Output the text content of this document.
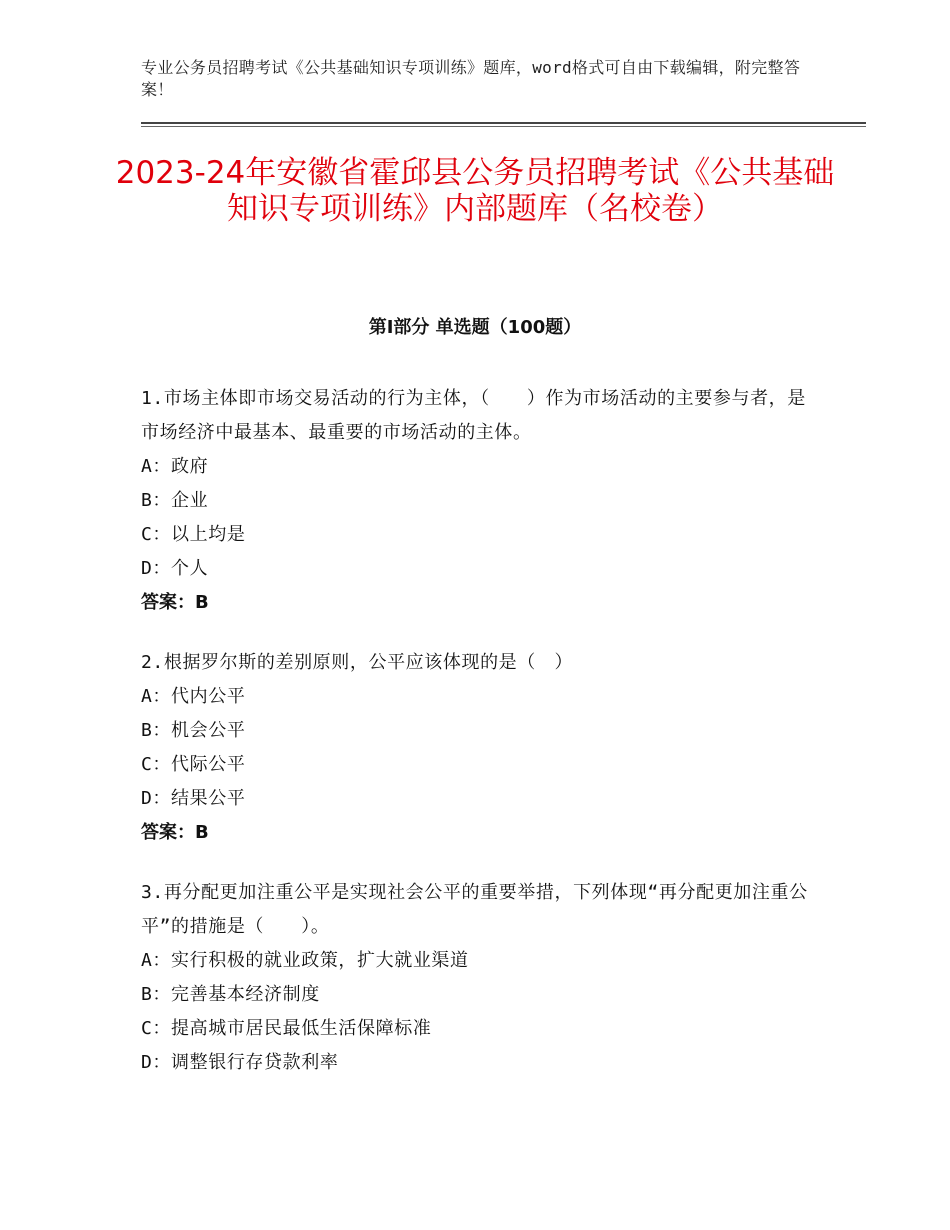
专业公务员招聘考试《公共基础知识专项训练》题库，word格式可自由下载编辑，附完整答案！
2023-24年安徽省霍邱县公务员招聘考试《公共基础知识专项训练》内部题库（名校卷）
第Ⅰ部分 单选题（100题）
1.市场主体即市场交易活动的行为主体，（　　）作为市场活动的主要参与者，是市场经济中最基本、最重要的市场活动的主体。
A：政府
B：企业
C：以上均是
D：个人
答案：B
2.根据罗尔斯的差别原则，公平应该体现的是（　）
A：代内公平
B：机会公平
C：代际公平
D：结果公平
答案：B
3.再分配更加注重公平是实现社会公平的重要举措，下列体现“再分配更加注重公平”的措施是（　　）。
A：实行积极的就业政策，扩大就业渠道
B：完善基本经济制度
C：提高城市居民最低生活保障标准
D：调整银行存贷款利率
